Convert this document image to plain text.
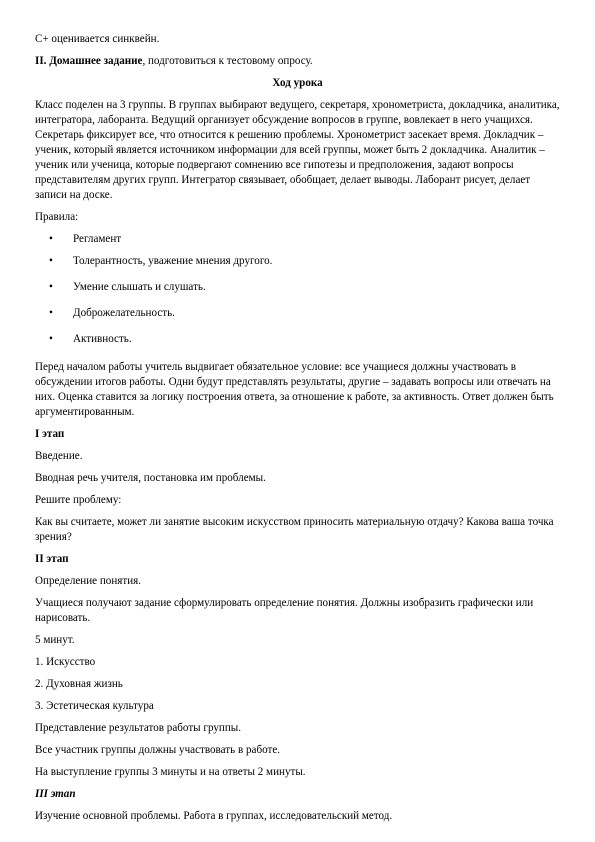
С+ оценивается синквейн.

II. Домашнее задание, подготовиться к тестовому опросу.

Ход урока

Класс поделен на 3 группы. В группах выбирают ведущего, секретаря, хронометриста, докладчика, аналитика, интегратора, лаборанта. Ведущий организует обсуждение вопросов в группе, вовлекает в него учащихся. Секретарь фиксирует все, что относится к решению проблемы. Хронометрист засекает время. Докладчик – ученик, который является источником информации для всей группы, может быть 2 докладчика. Аналитик – ученик или ученица, которые подвергают сомнению все гипотезы и предположения, задают вопросы представителям других групп. Интегратор связывает, обобщает, делает выводы. Лаборант рисует, делает записи на доске.

Правила:

• Регламент
• Толерантность, уважение мнения другого.
• Умение слышать и слушать.
• Доброжелательность.
• Активность.

Перед началом работы учитель выдвигает обязательное условие: все учащиеся должны участвовать в обсуждении итогов работы. Одни будут представлять результаты, другие – задавать вопросы или отвечать на них. Оценка ставится за логику построения ответа, за отношение к работе, за активность. Ответ должен быть аргументированным.

I этап

Введение.

Вводная речь учителя, постановка им проблемы.

Решите проблему:

Как вы считаете, может ли занятие высоким искусством приносить материальную отдачу? Какова ваша точка зрения?

II этап

Определение понятия.

Учащиеся получают задание сформулировать определение понятия. Должны изобразить графически или нарисовать.

5 минут.

1. Искусство

2. Духовная жизнь

3. Эстетическая культура

Представление результатов работы группы.

Все участник группы должны участвовать в работе.

На выступление группы 3 минуты и на ответы 2 минуты.

III этап

Изучение основной проблемы. Работа в группах, исследовательский метод.
